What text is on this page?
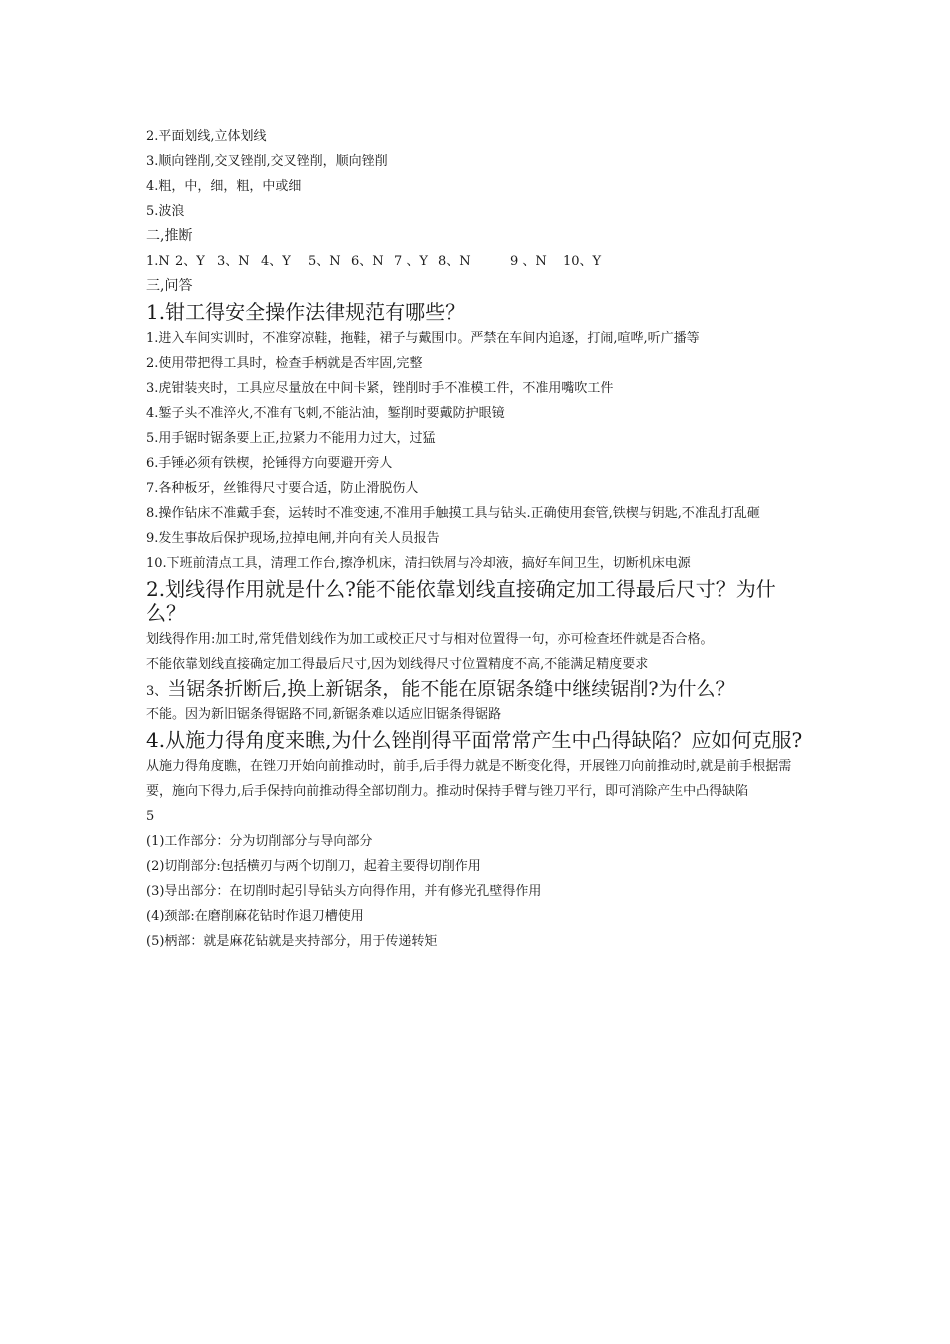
2.平面划线,立体划线
3.顺向锉削,交叉锉削,交叉锉削，顺向锉削
4.粗，中，细，粗，中或细
5.波浪
二,推断
1.N 2、Y 3、N 4、Y 5、N 6、N 7 、Y 8、N	9 、N 10、Y
三,问答
1.钳工得安全操作法律规范有哪些？
1.进入车间实训时，不准穿凉鞋，拖鞋，裙子与戴围巾。严禁在车间内追逐，打闹,喧哗,听广播等
2.使用带把得工具时，检查手柄就是否牢固,完整
3.虎钳装夹时，工具应尽量放在中间卡紧，锉削时手不准模工件，不准用嘴吹工件
4.錾子头不准淬火,不准有飞刺,不能沾油，錾削时要戴防护眼镜
5.用手锯时锯条要上正,拉紧力不能用力过大，过猛
6.手锤必须有铁楔，抡锤得方向要避开旁人
7.各种板牙，丝锥得尺寸要合适，防止滑脱伤人
8.操作钻床不准戴手套，运转时不准变速,不准用手触摸工具与钻头.正确使用套管,铁楔与钥匙,不准乱打乱砸
9.发生事故后保护现场,拉掉电闸,并向有关人员报告
10.下班前清点工具，清理工作台,擦净机床，清扫铁屑与冷却液，搞好车间卫生，切断机床电源
2.划线得作用就是什么?能不能依靠划线直接确定加工得最后尺寸？为什么？
划线得作用:加工时,常凭借划线作为加工或校正尺寸与相对位置得一句，亦可检查坯件就是否合格。
不能依靠划线直接确定加工得最后尺寸,因为划线得尺寸位置精度不高,不能满足精度要求
3、当锯条折断后,换上新锯条，能不能在原锯条缝中继续锯削?为什么？
不能。因为新旧锯条得锯路不同,新锯条难以适应旧锯条得锯路
4.从施力得角度来瞧,为什么锉削得平面常常产生中凸得缺陷？应如何克服?
从施力得角度瞧，在锉刀开始向前推动时，前手,后手得力就是不断变化得，开展锉刀向前推动时,就是前手根据需要，施向下得力,后手保持向前推动得全部切削力。推动时保持手臂与锉刀平行，即可消除产生中凸得缺陷
5
(1)工作部分：分为切削部分与导向部分
(2)切削部分:包括横刃与两个切削刀，起着主要得切削作用
(3)导出部分：在切削时起引导钻头方向得作用，并有修光孔壁得作用
(4)颈部:在磨削麻花钻时作退刀槽使用
(5)柄部：就是麻花钻就是夹持部分，用于传递转矩
